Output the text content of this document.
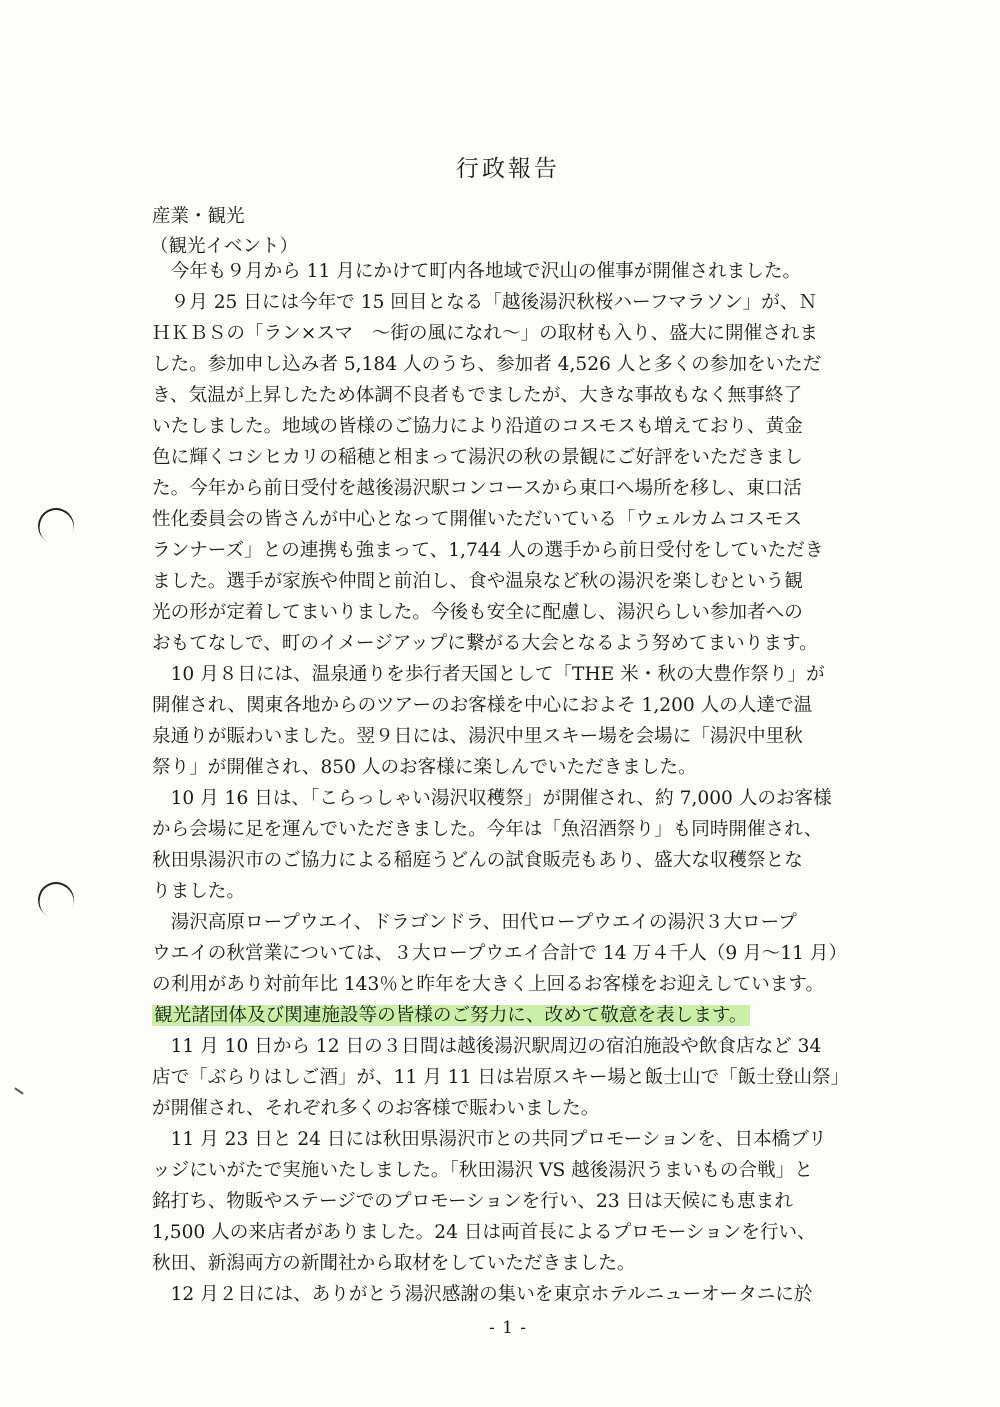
行政報告
産業・観光
（観光イベント）
　今年も９月から 11 月にかけて町内各地域で沢山の催事が開催されました。
　９月 25 日には今年で 15 回目となる「越後湯沢秋桜ハーフマラソン」が、Ｎ
ＨＫＢＳの「ラン×スマ　〜街の風になれ〜」の取材も入り、盛大に開催されま
した。参加申し込み者 5,184 人のうち、参加者 4,526 人と多くの参加をいただ
き、気温が上昇したため体調不良者もでましたが、大きな事故もなく無事終了
いたしました。地域の皆様のご協力により沿道のコスモスも増えており、黄金
色に輝くコシヒカリの稲穂と相まって湯沢の秋の景観にご好評をいただきまし
た。今年から前日受付を越後湯沢駅コンコースから東口へ場所を移し、東口活
性化委員会の皆さんが中心となって開催いただいている「ウェルカムコスモス
ランナーズ」との連携も強まって、1,744 人の選手から前日受付をしていただき
ました。選手が家族や仲間と前泊し、食や温泉など秋の湯沢を楽しむという観
光の形が定着してまいりました。今後も安全に配慮し、湯沢らしい参加者への
おもてなしで、町のイメージアップに繋がる大会となるよう努めてまいります。
　10 月８日には、温泉通りを歩行者天国として「THE 米・秋の大豊作祭り」が
開催され、関東各地からのツアーのお客様を中心におよそ 1,200 人の人達で温
泉通りが賑わいました。翌９日には、湯沢中里スキー場を会場に「湯沢中里秋
祭り」が開催され、850 人のお客様に楽しんでいただきました。
　10 月 16 日は、「こらっしゃい湯沢収穫祭」が開催され、約 7,000 人のお客様
から会場に足を運んでいただきました。今年は「魚沼酒祭り」も同時開催され、
秋田県湯沢市のご協力による稲庭うどんの試食販売もあり、盛大な収穫祭とな
りました。
　湯沢高原ロープウエイ、ドラゴンドラ、田代ロープウエイの湯沢３大ロープ
ウエイの秋営業については、３大ロープウエイ合計で 14 万４千人（9 月〜11 月）
の利用があり対前年比 143％と昨年を大きく上回るお客様をお迎えしています。
観光諸団体及び関連施設等の皆様のご努力に、改めて敬意を表します。
　11 月 10 日から 12 日の３日間は越後湯沢駅周辺の宿泊施設や飲食店など 34
店で「ぶらりはしご酒」が、11 月 11 日は岩原スキー場と飯士山で「飯士登山祭」
が開催され、それぞれ多くのお客様で賑わいました。
　11 月 23 日と 24 日には秋田県湯沢市との共同プロモーションを、日本橋ブリ
ッジにいがたで実施いたしました。「秋田湯沢 VS 越後湯沢うまいもの合戦」と
銘打ち、物販やステージでのプロモーションを行い、23 日は天候にも恵まれ
1,500 人の来店者がありました。24 日は両首長によるプロモーションを行い、
秋田、新潟両方の新聞社から取材をしていただきました。
　12 月２日には、ありがとう湯沢感謝の集いを東京ホテルニューオータニに於
- 1 -
